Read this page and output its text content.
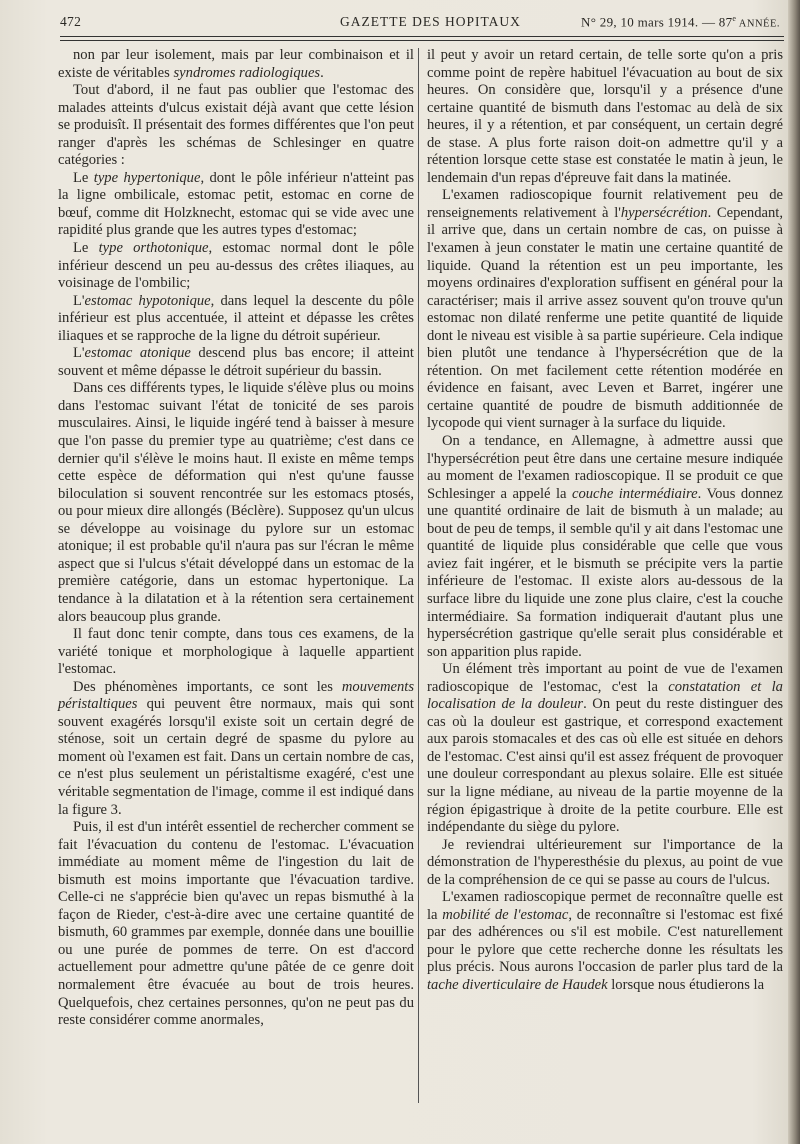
472	GAZETTE DES HOPITAUX	N° 29, 10 mars 1914. — 87e ANNÉE.

non par leur isolement, mais par leur combinaison et il existe de véritables syndromes radiologiques.

Tout d'abord, il ne faut pas oublier que l'estomac des malades atteints d'ulcus existait déjà avant que cette lésion se produisît. Il présentait des formes différentes que l'on peut ranger d'après les schémas de Schlesinger en quatre catégories :

Le type hypertonique, dont le pôle inférieur n'atteint pas la ligne ombilicale, estomac petit, estomac en corne de bœuf, comme dit Holzknecht, estomac qui se vide avec une rapidité plus grande que les autres types d'estomac;

Le type orthotonique, estomac normal dont le pôle inférieur descend un peu au-dessus des crêtes iliaques, au voisinage de l'ombilic;

L'estomac hypotonique, dans lequel la descente du pôle inférieur est plus accentuée, il atteint et dépasse les crêtes iliaques et se rapproche de la ligne du détroit supérieur.

L'estomac atonique descend plus bas encore; il atteint souvent et même dépasse le détroit supérieur du bassin.

Dans ces différents types, le liquide s'élève plus ou moins dans l'estomac suivant l'état de tonicité de ses parois musculaires. Ainsi, le liquide ingéré tend à baisser à mesure que l'on passe du premier type au quatrième; c'est dans ce dernier qu'il s'élève le moins haut. Il existe en même temps cette espèce de déformation qui n'est qu'une fausse biloculation si souvent rencontrée sur les estomacs ptosés, ou pour mieux dire allongés (Béclère). Supposez qu'un ulcus se développe au voisinage du pylore sur un estomac atonique; il est probable qu'il n'aura pas sur l'écran le même aspect que si l'ulcus s'était développé dans un estomac de la première catégorie, dans un estomac hypertonique. La tendance à la dilatation et à la rétention sera certainement alors beaucoup plus grande.

Il faut donc tenir compte, dans tous ces examens, de la variété tonique et morphologique à laquelle appartient l'estomac.

Des phénomènes importants, ce sont les mouvements péristaltiques qui peuvent être normaux, mais qui sont souvent exagérés lorsqu'il existe soit un certain degré de sténose, soit un certain degré de spasme du pylore au moment où l'examen est fait. Dans un certain nombre de cas, ce n'est plus seulement un péristaltisme exagéré, c'est une véritable segmentation de l'image, comme il est indiqué dans la figure 3.

Puis, il est d'un intérêt essentiel de rechercher comment se fait l'évacuation du contenu de l'estomac. L'évacuation immédiate au moment même de l'ingestion du lait de bismuth est moins importante que l'évacuation tardive. Celle-ci ne s'apprécie bien qu'avec un repas bismuthé à la façon de Rieder, c'est-à-dire avec une certaine quantité de bismuth, 60 grammes par exemple, donnée dans une bouillie ou une purée de pommes de terre. On est d'accord actuellement pour admettre qu'une pâtée de ce genre doit normalement être évacuée au bout de trois heures. Quelquefois, chez certaines personnes, qu'on ne peut pas du reste considérer comme anormales,

il peut y avoir un retard certain, de telle sorte qu'on a pris comme point de repère habituel l'évacuation au bout de six heures. On considère que, lorsqu'il y a présence d'une certaine quantité de bismuth dans l'estomac au delà de six heures, il y a rétention, et par conséquent, un certain degré de stase. A plus forte raison doit-on admettre qu'il y a rétention lorsque cette stase est constatée le matin à jeun, le lendemain d'un repas d'épreuve fait dans la matinée.

L'examen radioscopique fournit relativement peu de renseignements relativement à l'hypersécrétion. Cependant, il arrive que, dans un certain nombre de cas, on puisse à l'examen à jeun constater le matin une certaine quantité de liquide. Quand la rétention est un peu importante, les moyens ordinaires d'exploration suffisent en général pour la caractériser; mais il arrive assez souvent qu'on trouve qu'un estomac non dilaté renferme une petite quantité de liquide dont le niveau est visible à sa partie supérieure. Cela indique bien plutôt une tendance à l'hypersécrétion que de la rétention. On met facilement cette rétention modérée en évidence en faisant, avec Leven et Barret, ingérer une certaine quantité de poudre de bismuth additionnée de lycopode qui vient surnager à la surface du liquide.

On a tendance, en Allemagne, à admettre aussi que l'hypersécrétion peut être dans une certaine mesure indiquée au moment de l'examen radioscopique. Il se produit ce que Schlesinger a appelé la couche intermédiaire. Vous donnez une quantité ordinaire de lait de bismuth à un malade; au bout de peu de temps, il semble qu'il y ait dans l'estomac une quantité de liquide plus considérable que celle que vous aviez fait ingérer, et le bismuth se précipite vers la partie inférieure de l'estomac. Il existe alors au-dessous de la surface libre du liquide une zone plus claire, c'est la couche intermédiaire. Sa formation indiquerait d'autant plus une hypersécrétion gastrique qu'elle serait plus considérable et son apparition plus rapide.

Un élément très important au point de vue de l'examen radioscopique de l'estomac, c'est la constatation et la localisation de la douleur. On peut du reste distinguer des cas où la douleur est gastrique, et correspond exactement aux parois stomacales et des cas où elle est située en dehors de l'estomac. C'est ainsi qu'il est assez fréquent de provoquer une douleur correspondant au plexus solaire. Elle est située sur la ligne médiane, au niveau de la partie moyenne de la région épigastrique à droite de la petite courbure. Elle est indépendante du siège du pylore.

Je reviendrai ultérieurement sur l'importance de la démonstration de l'hyperesthésie du plexus, au point de vue de la compréhension de ce qui se passe au cours de l'ulcus.

L'examen radioscopique permet de reconnaître quelle est la mobilité de l'estomac, de reconnaître si l'estomac est fixé par des adhérences ou s'il est mobile. C'est naturellement pour le pylore que cette recherche donne les résultats les plus précis. Nous aurons l'occasion de parler plus tard de la tache diverticulaire de Haudek lorsque nous étudierons la
